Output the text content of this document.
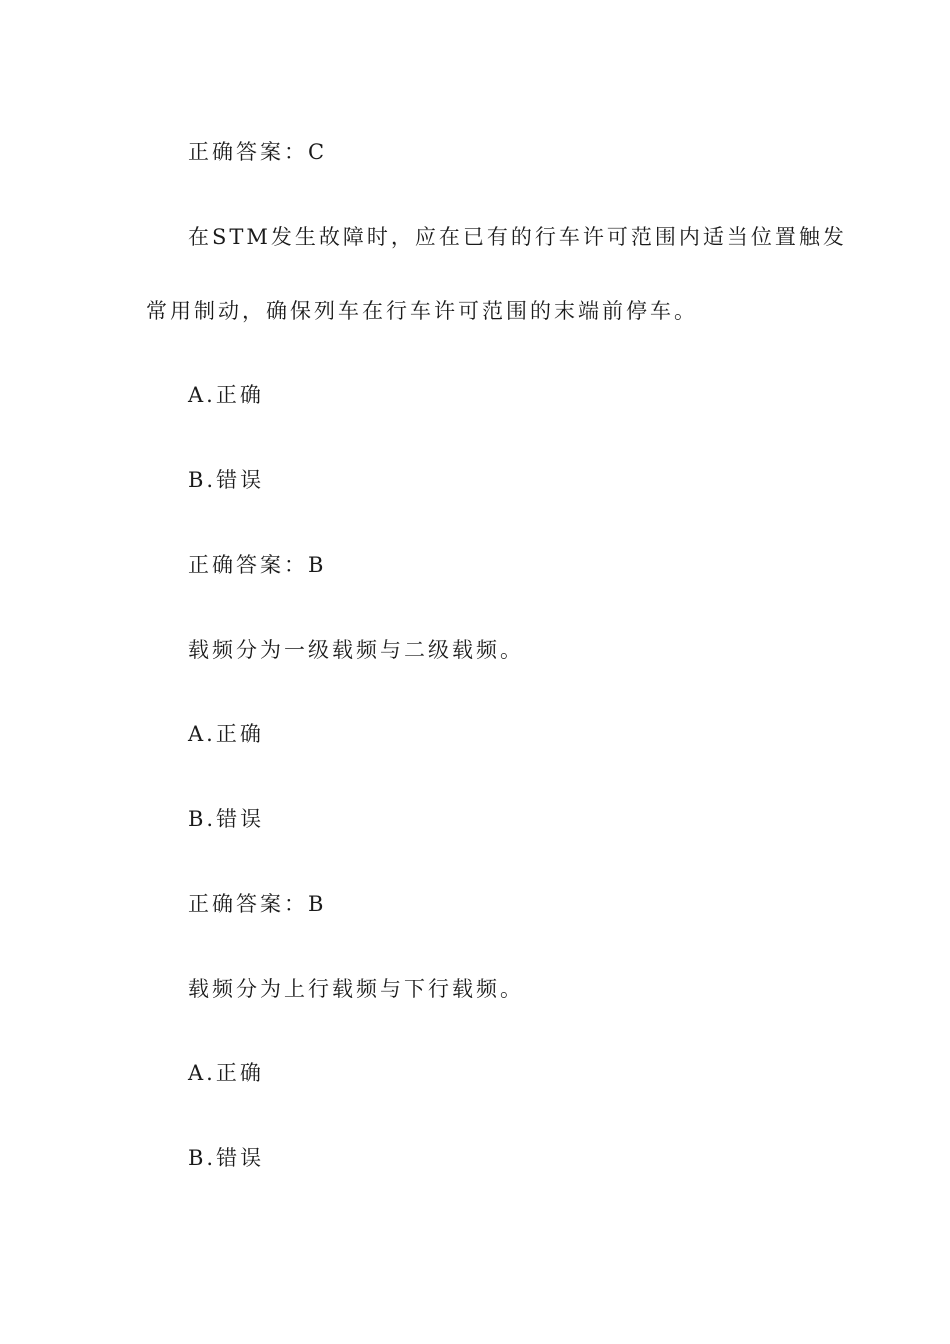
正确答案：C
在STM发生故障时，应在已有的行车许可范围内适当位置触发
常用制动，确保列车在行车许可范围的末端前停车。
A.正确
B.错误
正确答案：B
载频分为一级载频与二级载频。
A.正确
B.错误
正确答案：B
载频分为上行载频与下行载频。
A.正确
B.错误
